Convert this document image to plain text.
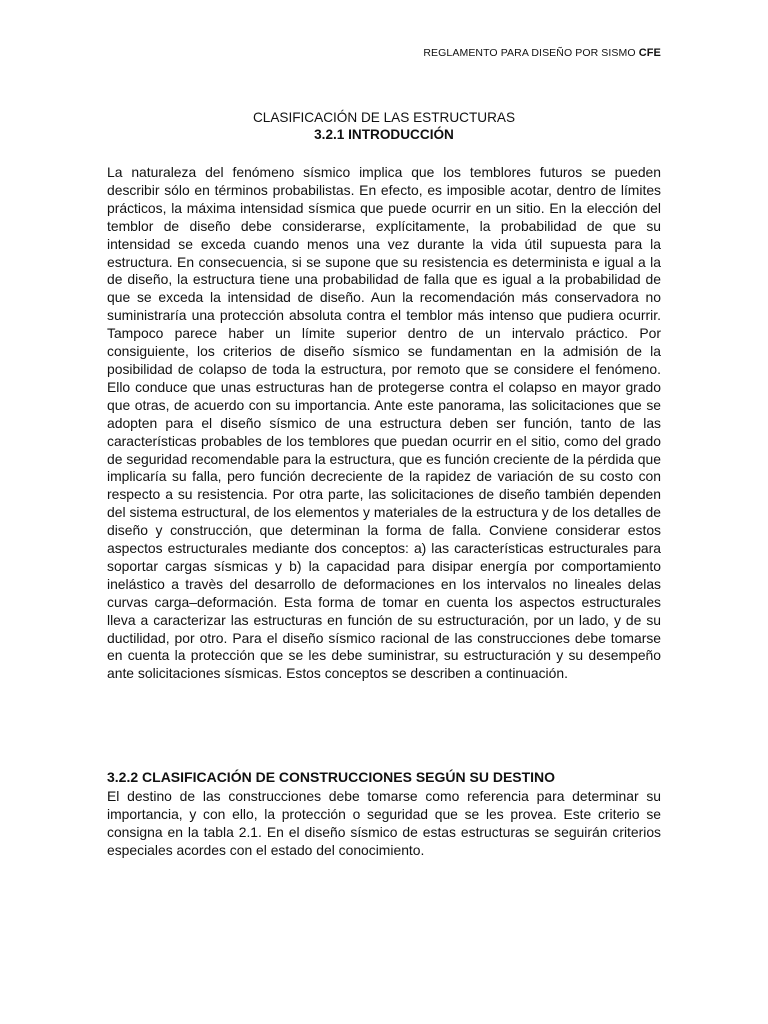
REGLAMENTO PARA DISEÑO POR SISMO CFE
CLASIFICACIÓN DE LAS ESTRUCTURAS
3.2.1 INTRODUCCIÓN

La naturaleza del fenómeno sísmico implica que los temblores futuros se pueden describir sólo en términos probabilistas. En efecto, es imposible acotar, dentro de límites prácticos, la máxima intensidad sísmica que puede ocurrir en un sitio. En la elección del temblor de diseño debe considerarse, explícitamente, la probabilidad de que su intensidad se exceda cuando menos una vez durante la vida útil supuesta para la estructura. En consecuencia, si se supone que su resistencia es determinista e igual a la de diseño, la estructura tiene una probabilidad de falla que es igual a la probabilidad de que se exceda la intensidad de diseño. Aun la recomendación más conservadora no suministraría una protección absoluta contra el temblor más intenso que pudiera ocurrir. Tampoco parece haber un límite superior dentro de un intervalo práctico. Por consiguiente, los criterios de diseño sísmico se fundamentan en la admisión de la posibilidad de colapso de toda la estructura, por remoto que se considere el fenómeno. Ello conduce que unas estructuras han de protegerse contra el colapso en mayor grado que otras, de acuerdo con su importancia. Ante este panorama, las solicitaciones que se adopten para el diseño sísmico de una estructura deben ser función, tanto de las características probables de los temblores que puedan ocurrir en el sitio, como del grado de seguridad recomendable para la estructura, que es función creciente de la pérdida que implicaría su falla, pero función decreciente de la rapidez de variación de su costo con respecto a su resistencia. Por otra parte, las solicitaciones de diseño también dependen del sistema estructural, de los elementos y materiales de la estructura y de los detalles de diseño y construcción, que determinan la forma de falla. Conviene considerar estos aspectos estructurales mediante dos conceptos: a) las características estructurales para soportar cargas sísmicas y b) la capacidad para disipar energía por comportamiento inelástico a travès del desarrollo de deformaciones en los intervalos no lineales delas curvas carga–deformación. Esta forma de tomar en cuenta los aspectos estructurales lleva a caracterizar las estructuras en función de su estructuración, por un lado, y de su ductilidad, por otro. Para el diseño sísmico racional de las construcciones debe tomarse en cuenta la protección que se les debe suministrar, su estructuración y su desempeño ante solicitaciones sísmicas. Estos conceptos se describen a continuación.

3.2.2 CLASIFICACIÓN DE CONSTRUCCIONES SEGÚN SU DESTINO

El destino de las construcciones debe tomarse como referencia para determinar su importancia, y con ello, la protección o seguridad que se les provea. Este criterio se consigna en la tabla 2.1. En el diseño sísmico de estas estructuras se seguirán criterios especiales acordes con el estado del conocimiento.
